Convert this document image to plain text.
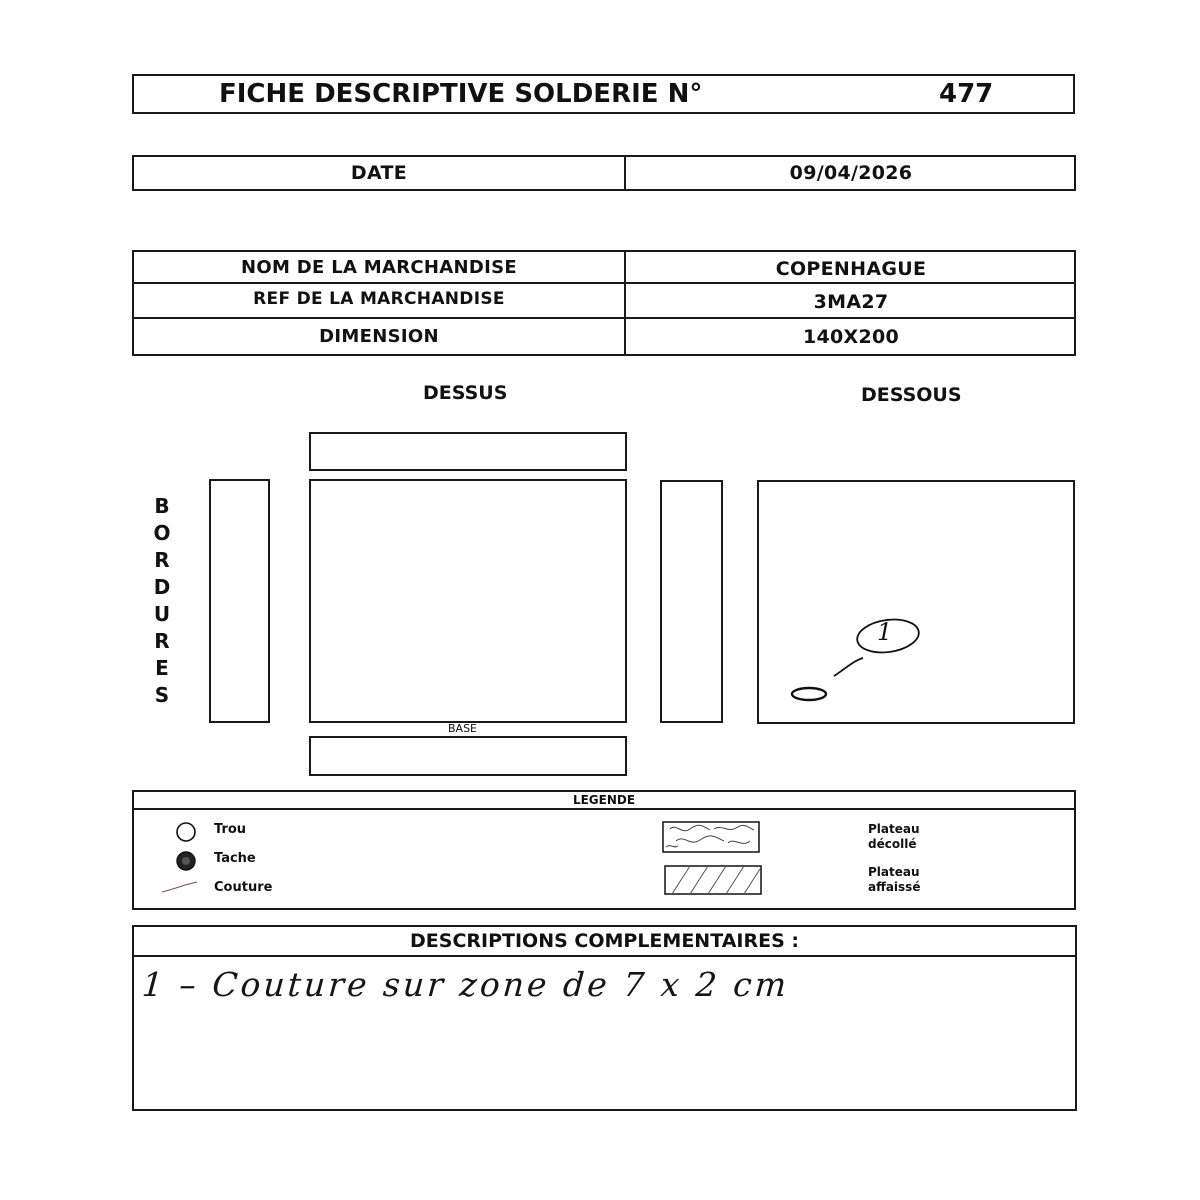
FICHE DESCRIPTIVE SOLDERIE N°	477
DATE	09/04/2026
NOM DE LA MARCHANDISE	COPENHAGUE
REF DE LA MARCHANDISE	3MA27
DIMENSION	140X200
DESSUS	DESSOUS
B
O
R
D
U
R
E
S
1
BASE
LEGENDE
Trou
Tache
Couture
Plateau
décollé
Plateau
affaissé
DESCRIPTIONS COMPLEMENTAIRES :
1 – Couture sur zone de 7 x 2 cm
